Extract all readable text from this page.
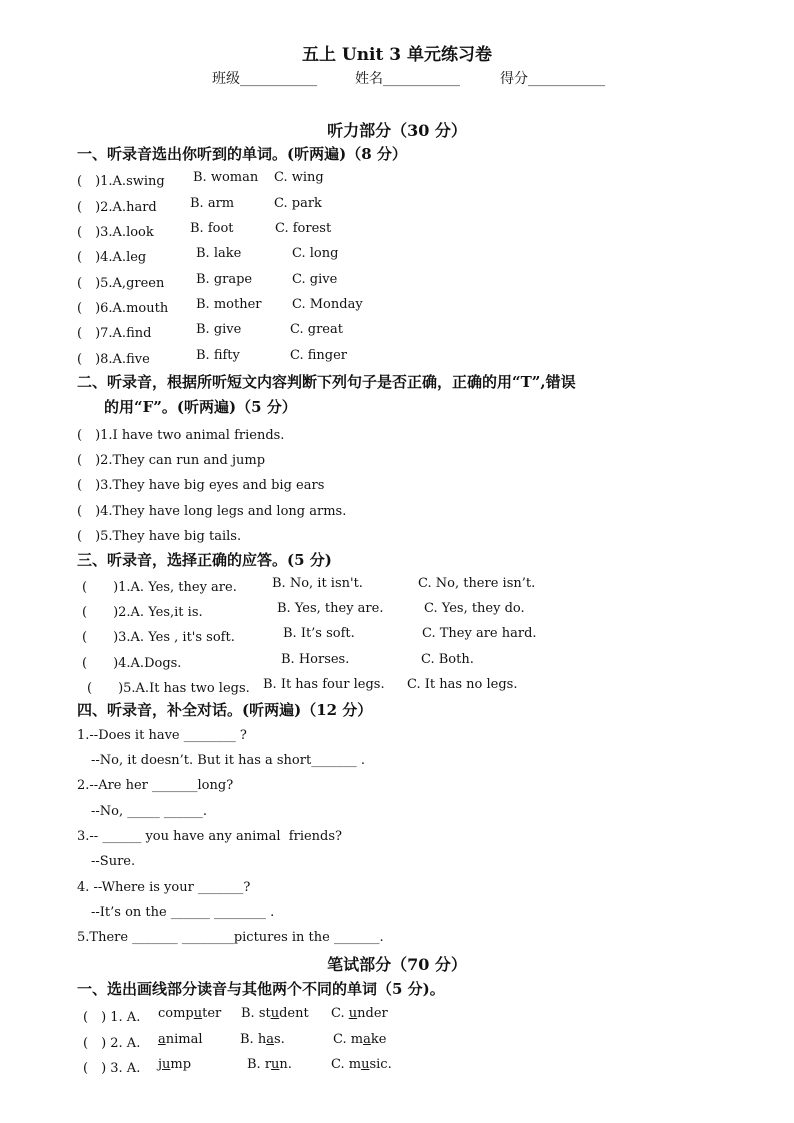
五上 Unit 3 单元练习卷
班级___________	姓名___________	得分___________
听力部分（30 分）
一、听录音选出你听到的单词。(听两遍)（8 分）
(　)1.A.swing B. woman C. wing
(　)2.A.hard	B. arm	C. park
(　)3.A.look	B. foot	C. forest
(　)4.A.leg	B. lake	C. long
(　)5.A,green B. grape	C. give
(　)6.A.mouth B. mother C. Monday
(　)7.A.find	B. give	C. great
(　)8.A.five	B. fifty	C. finger
二、听录音，根据所听短文内容判断下列句子是否正确，正确的用“T”,错误
的用“F”。(听两遍)（5 分）
(　)1.I have two animal friends.
(　)2.They can run and jump
(　)3.They have big eyes and big ears
(　)4.They have long legs and long arms.
(　)5.They have big tails.
三、听录音，选择正确的应答。(5 分)
(　　)1.A. Yes, they are.	B. No, it isn't.	C. No, there isn’t.
(　　)2.A. Yes,it is.	B. Yes, they are.	C. Yes, they do.
(　　)3.A. Yes , it's soft.	B. It’s soft.	C. They are hard.
(　　)4.A.Dogs.	B. Horses.	C. Both.
(　　)5.A.It has two legs. B. It has four legs. C. It has no legs.
四、听录音，补全对话。(听两遍)（12 分）
1.--Does it have ________ ?
--No, it doesn’t. But it has a short_______ .
2.--Are her _______long?
--No, _____ ______.
3.-- ______ you have any animal  friends?
--Sure.
4. --Where is your _______?
--It’s on the ______ ________ .
5.There _______ ________pictures in the _______.
笔试部分（70 分）
一、选出画线部分读音与其他两个不同的单词（5 分)。
(　) 1. A. computer B. student C. under
(　) 2. A. animal	B. has.	C. make
(　) 3. A. jump	B. run.	C. music.
